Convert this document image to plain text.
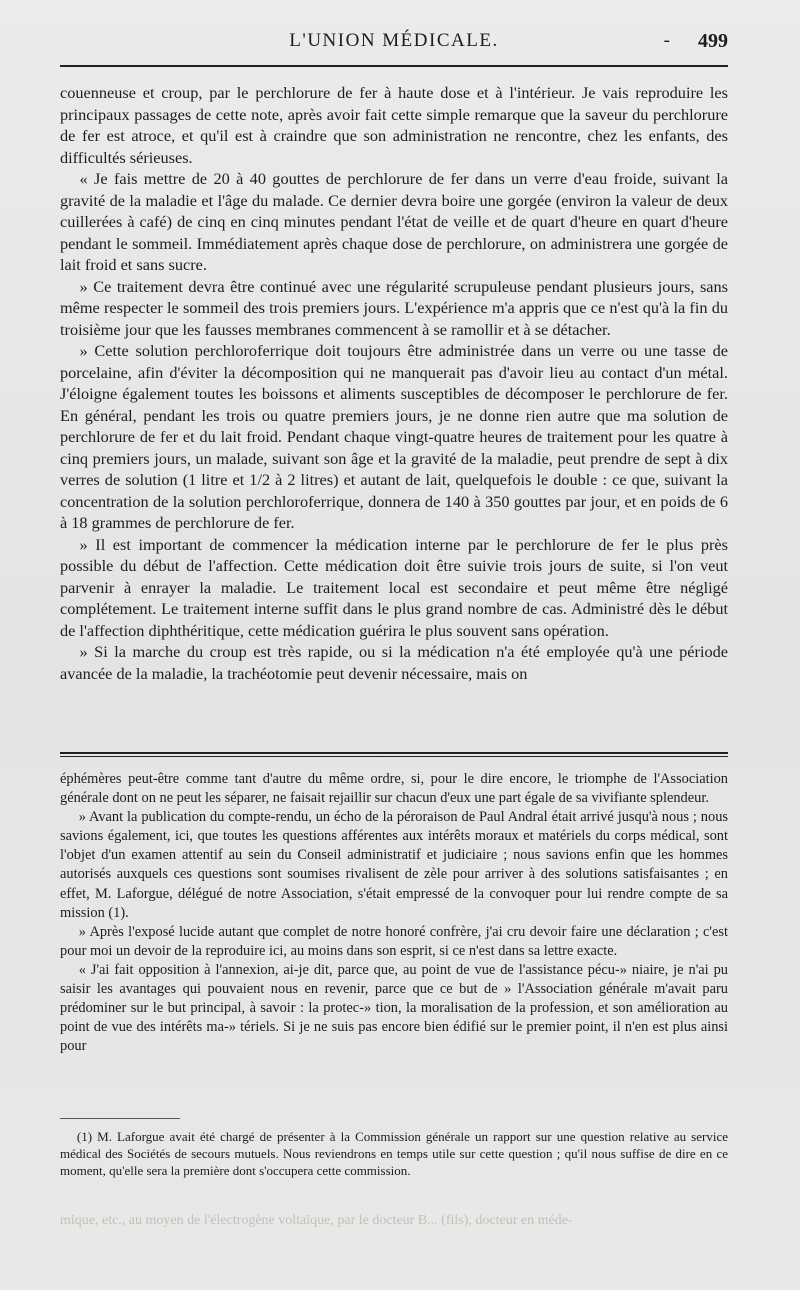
L'UNION MÉDICALE.	- 499

couenneuse et croup, par le perchlorure de fer à haute dose et à l'intérieur. Je vais reproduire les principaux passages de cette note, après avoir fait cette simple remarque que la saveur du perchlorure de fer est atroce, et qu'il est à craindre que son administration ne rencontre, chez les enfants, des difficultés sérieuses.

« Je fais mettre de 20 à 40 gouttes de perchlorure de fer dans un verre d'eau froide, suivant la gravité de la maladie et l'âge du malade. Ce dernier devra boire une gorgée (environ la valeur de deux cuillerées à café) de cinq en cinq minutes pendant l'état de veille et de quart d'heure en quart d'heure pendant le sommeil. Immédiatement après chaque dose de perchlorure, on administrera une gorgée de lait froid et sans sucre.

» Ce traitement devra être continué avec une régularité scrupuleuse pendant plusieurs jours, sans même respecter le sommeil des trois premiers jours. L'expérience m'a appris que ce n'est qu'à la fin du troisième jour que les fausses membranes commencent à se ramollir et à se détacher.

» Cette solution perchloroferrique doit toujours être administrée dans un verre ou une tasse de porcelaine, afin d'éviter la décomposition qui ne manquerait pas d'avoir lieu au contact d'un métal. J'éloigne également toutes les boissons et aliments susceptibles de décomposer le perchlorure de fer. En général, pendant les trois ou quatre premiers jours, je ne donne rien autre que ma solution de perchlorure de fer et du lait froid. Pendant chaque vingt-quatre heures de traitement pour les quatre à cinq premiers jours, un malade, suivant son âge et la gravité de la maladie, peut prendre de sept à dix verres de solution (1 litre et 1/2 à 2 litres) et autant de lait, quelquefois le double : ce que, suivant la concentration de la solution perchloroferrique, donnera de 140 à 350 gouttes par jour, et en poids de 6 à 18 grammes de perchlorure de fer.

» Il est important de commencer la médication interne par le perchlorure de fer le plus près possible du début de l'affection. Cette médication doit être suivie trois jours de suite, si l'on veut parvenir à enrayer la maladie. Le traitement local est secondaire et peut même être négligé complétement. Le traitement interne suffit dans le plus grand nombre de cas. Administré dès le début de l'affection diphthéritique, cette médication guérira le plus souvent sans opération.

» Si la marche du croup est très rapide, ou si la médication n'a été employée qu'à une période avancée de la maladie, la trachéotomie peut devenir nécessaire, mais on

éphémères peut-être comme tant d'autre du même ordre, si, pour le dire encore, le triomphe de l'Association générale dont on ne peut les séparer, ne faisait rejaillir sur chacun d'eux une part égale de sa vivifiante splendeur.

» Avant la publication du compte-rendu, un écho de la péroraison de Paul Andral était arrivé jusqu'à nous ; nous savions également, ici, que toutes les questions afférentes aux intérêts moraux et matériels du corps médical, sont l'objet d'un examen attentif au sein du Conseil administratif et judiciaire ; nous savions enfin que les hommes autorisés auxquels ces questions sont soumises rivalisent de zèle pour arriver à des solutions satisfaisantes ; en effet, M. Laforgue, délégué de notre Association, s'était empressé de la convoquer pour lui rendre compte de sa mission (1).

» Après l'exposé lucide autant que complet de notre honoré confrère, j'ai cru devoir faire une déclaration ; c'est pour moi un devoir de la reproduire ici, au moins dans son esprit, si ce n'est dans sa lettre exacte.

« J'ai fait opposition à l'annexion, ai-je dit, parce que, au point de vue de l'assistance pécu-» niaire, je n'ai pu saisir les avantages qui pouvaient nous en revenir, parce que ce but de » l'Association générale m'avait paru prédominer sur le but principal, à savoir : la protec-» tion, la moralisation de la profession, et son amélioration au point de vue des intérêts ma-» tériels. Si je ne suis pas encore bien édifié sur le premier point, il n'en est plus ainsi pour

(1) M. Laforgue avait été chargé de présenter à la Commission générale un rapport sur une question relative au service médical des Sociétés de secours mutuels. Nous reviendrons en temps utile sur cette question ; qu'il nous suffise de dire en ce moment, qu'elle sera la première dont s'occupera cette commission.

mique, etc., au moyen de l'électrogène voltaïque, par le docteur B... (fils), docteur en méde-
